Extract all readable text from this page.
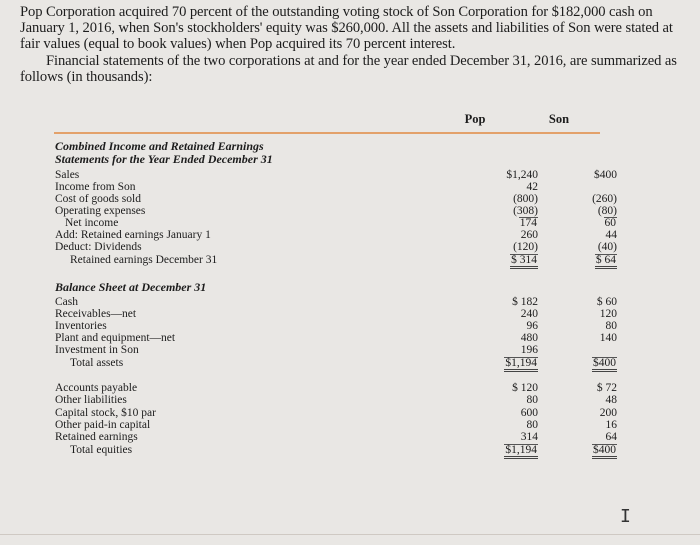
Pop Corporation acquired 70 percent of the outstanding voting stock of Son Corporation for $182,000 cash on January 1, 2016, when Son's stockholders' equity was $260,000. All the assets and liabilities of Son were stated at fair values (equal to book values) when Pop acquired its 70 percent interest.

Financial statements of the two corporations at and for the year ended December 31, 2016, are summarized as follows (in thousands):

Pop	Son
Combined Income and Retained Earnings
Statements for the Year Ended December 31
Sales	$1,240	$400
Income from Son	42
Cost of goods sold	(800)	(260)
Operating expenses	(308)	(80)
Net income	174	60
Add: Retained earnings January 1	260	44
Deduct: Dividends	(120)	(40)
Retained earnings December 31	$ 314	$ 64
Balance Sheet at December 31
Cash	$ 182	$ 60
Receivables—net	240	120
Inventories	96	80
Plant and equipment—net	480	140
Investment in Son	196
Total assets	$1,194	$400
Accounts payable	$ 120	$ 72
Other liabilities	80	48
Capital stock, $10 par	600	200
Other paid-in capital	80	16
Retained earnings	314	64
Total equities	$1,194	$400
I
